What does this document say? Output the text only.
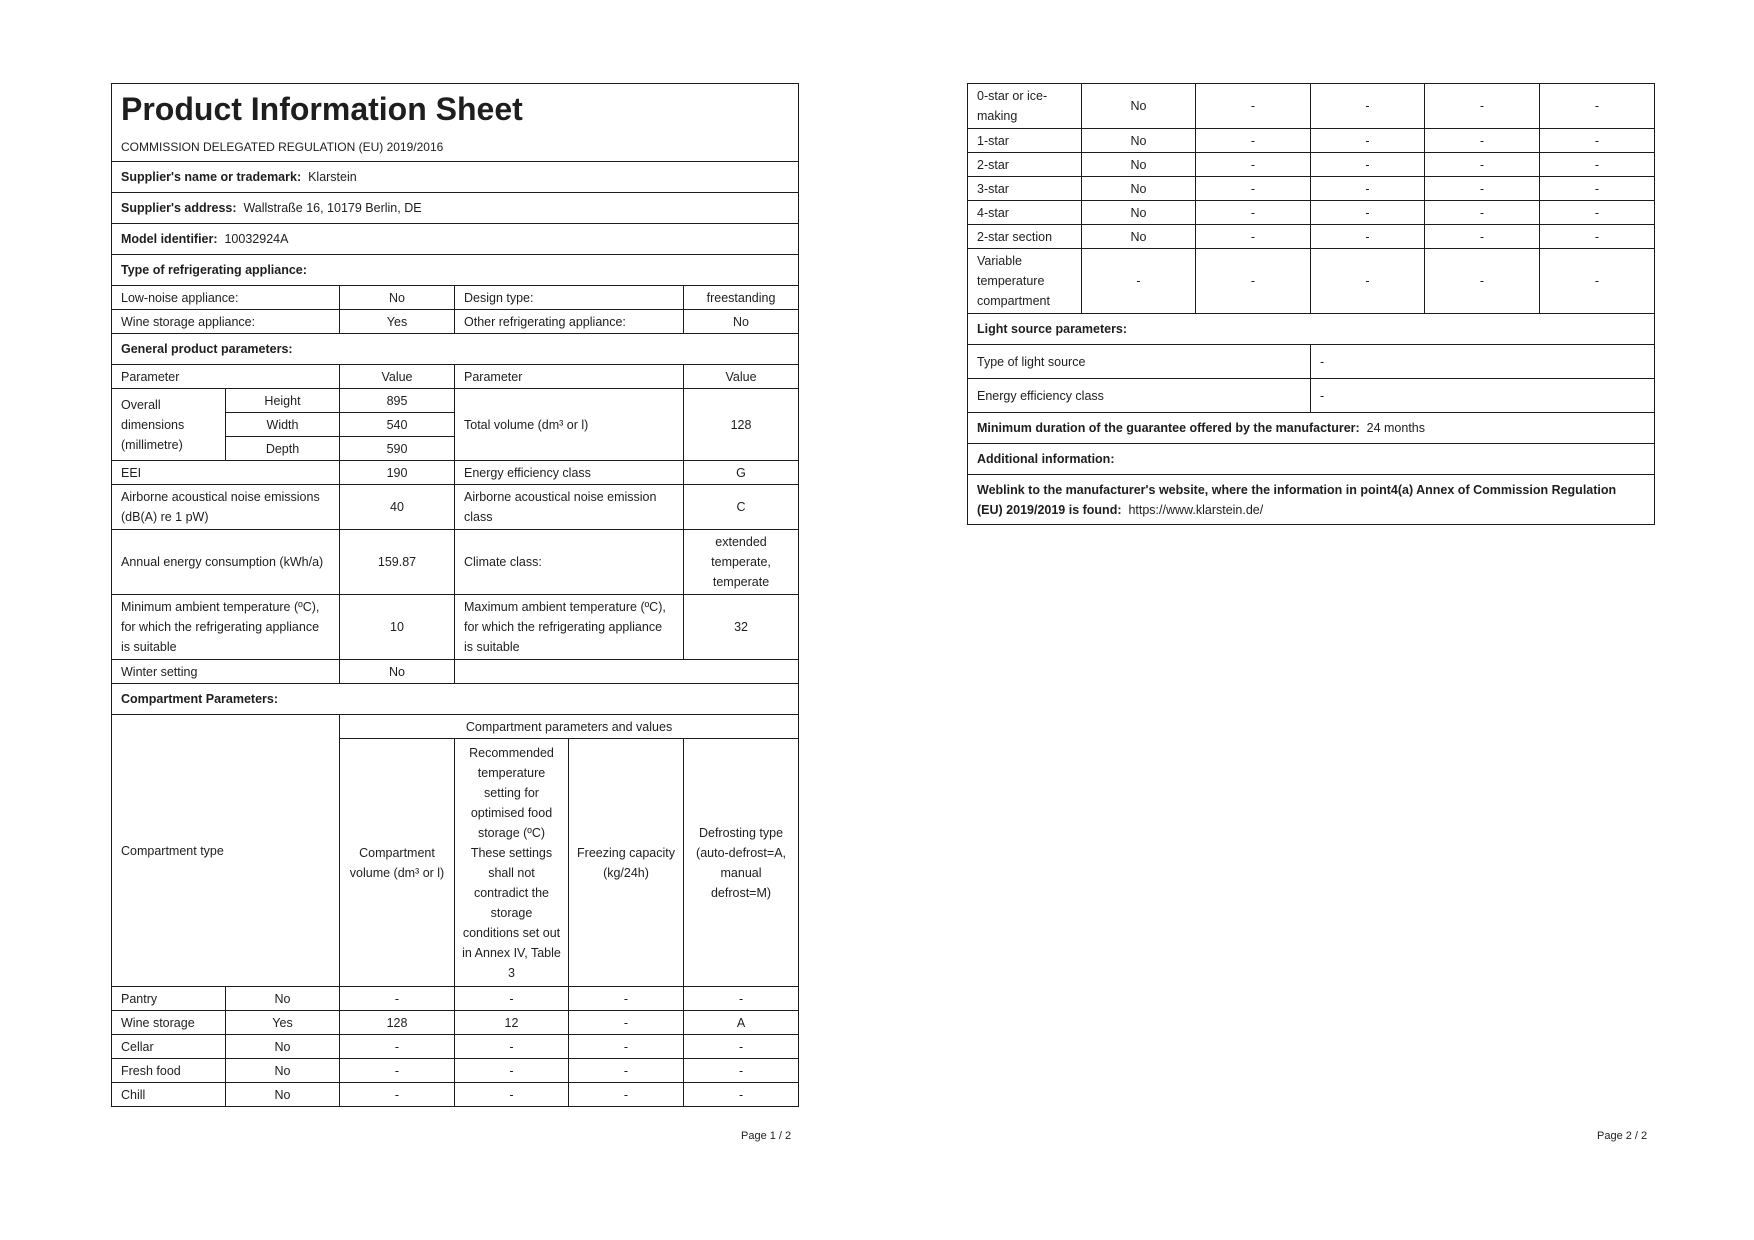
Product Information Sheet
COMMISSION DELEGATED REGULATION (EU) 2019/2016					

Supplier's name or trademark: Klarstein					
Supplier's address: Wallstraße 16, 10179 Berlin, DE					
Model identifier: 10032924A					
Type of refrigerating appliance:					
Low-noise appliance:		No	Design type:		freestanding
Wine storage appliance:		Yes	Other refrigerating appliance:		No
General product parameters:					
Parameter		Value	Parameter		Value
Overall dimensions (millimetre)	Height	895	Total volume (dm³ or l)		128
	Width	540			
	Depth	590			
EEI		190	Energy efficiency class		G
Airborne acoustical noise emissions (dB(A) re 1 pW)		40	Airborne acoustical noise emission class		C
Annual energy consumption (kWh/a)		159.87	Climate class:		extended temperate, temperate
Minimum ambient temperature (ºC), for which the refrigerating appliance is suitable		10	Maximum ambient temperature (ºC), for which the refrigerating appliance is suitable		32
Winter setting		No			
Compartment Parameters:					
Compartment type		Compartment parameters and values			
		Compartment volume (dm³ or l)	Recommended temperature setting for optimised food storage (ºC) These settings shall not contradict the storage conditions set out in Annex IV, Table 3	Freezing capacity (kg/24h)	Defrosting type (auto-defrost=A, manual defrost=M)
Pantry	No	-	-	-	-
Wine storage	Yes	128	12	-	A
Cellar	No	-	-	-	-
Fresh food	No	-	-	-	-
Chill	No	-	-	-	-
Page 1 / 2
0-star or ice-making	No	-	-	-	-
1-star	No	-	-	-	-
2-star	No	-	-	-	-
3-star	No	-	-	-	-
4-star	No	-	-	-	-
2-star section	No	-	-	-	-
Variable temperature compartment	-	-	-	-	-
Light source parameters:					
Type of light source			-		
Energy efficiency class			-		
Minimum duration of the guarantee offered by the manufacturer: 24 months					
Additional information:					
Weblink to the manufacturer's website, where the information in point4(a) Annex of Commission Regulation (EU) 2019/2019 is found: https://www.klarstein.de/					
Page 2 / 2
